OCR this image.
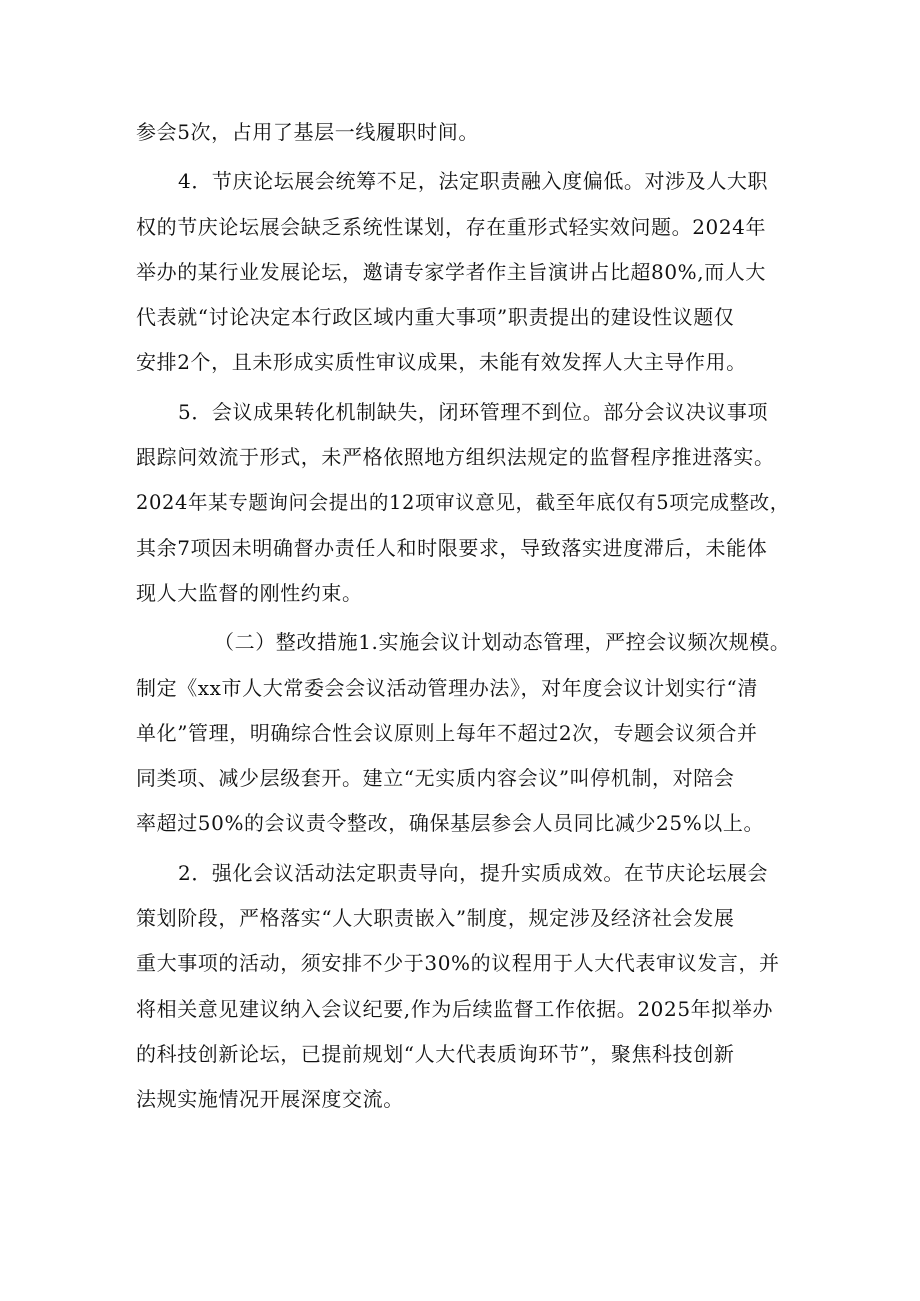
参会5次，占用了基层一线履职时间。
4．节庆论坛展会统筹不足，法定职责融入度偏低。对涉及人大职
权的节庆论坛展会缺乏系统性谋划，存在重形式轻实效问题。2024年
举办的某行业发展论坛，邀请专家学者作主旨演讲占比超80%,而人大
代表就“讨论决定本行政区域内重大事项”职责提出的建设性议题仅
安排2个，且未形成实质性审议成果，未能有效发挥人大主导作用。
5．会议成果转化机制缺失，闭环管理不到位。部分会议决议事项
跟踪问效流于形式，未严格依照地方组织法规定的监督程序推进落实。
2024年某专题询问会提出的12项审议意见，截至年底仅有5项完成整改，
其余7项因未明确督办责任人和时限要求，导致落实进度滞后，未能体
现人大监督的刚性约束。
（二）整改措施1.实施会议计划动态管理，严控会议频次规模。
制定《xx市人大常委会会议活动管理办法》，对年度会议计划实行“清
单化”管理，明确综合性会议原则上每年不超过2次，专题会议须合并
同类项、减少层级套开。建立“无实质内容会议”叫停机制，对陪会
率超过50%的会议责令整改，确保基层参会人员同比减少25%以上。
2．强化会议活动法定职责导向，提升实质成效。在节庆论坛展会
策划阶段，严格落实“人大职责嵌入”制度，规定涉及经济社会发展
重大事项的活动，须安排不少于30%的议程用于人大代表审议发言，并
将相关意见建议纳入会议纪要,作为后续监督工作依据。2025年拟举办
的科技创新论坛，已提前规划“人大代表质询环节”，聚焦科技创新
法规实施情况开展深度交流。
